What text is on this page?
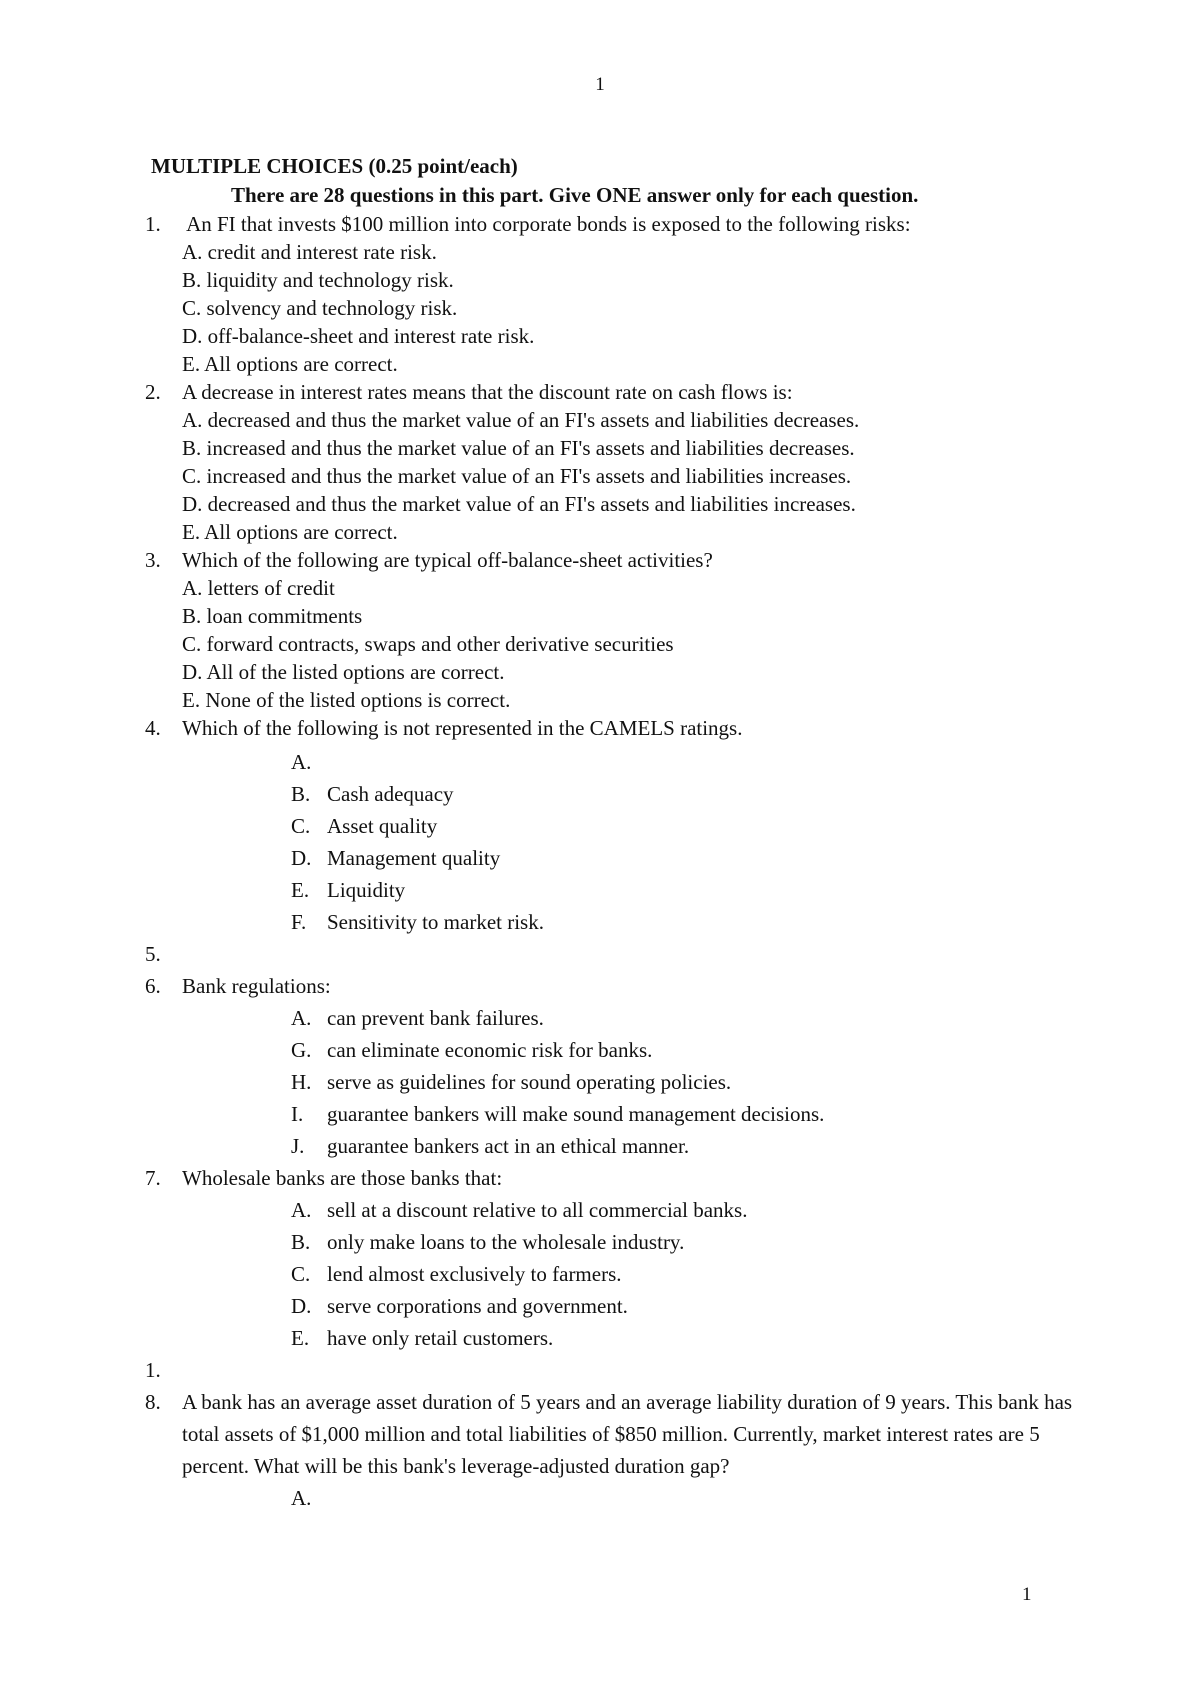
1
MULTIPLE CHOICES (0.25 point/each)
There are 28 questions in this part. Give ONE answer only for each question.
1.	An FI that invests $100 million into corporate bonds is exposed to the following risks:
A. credit and interest rate risk.
B. liquidity and technology risk.
C. solvency and technology risk.
D. off-balance-sheet and interest rate risk.
E. All options are correct.
2.	A decrease in interest rates means that the discount rate on cash flows is:
A. decreased and thus the market value of an FI's assets and liabilities decreases.
B. increased and thus the market value of an FI's assets and liabilities decreases.
C. increased and thus the market value of an FI's assets and liabilities increases.
D. decreased and thus the market value of an FI's assets and liabilities increases.
E. All options are correct.
3.	Which of the following are typical off-balance-sheet activities?
A. letters of credit
B. loan commitments
C. forward contracts, swaps and other derivative securities
D. All of the listed options are correct.
E. None of the listed options is correct.
4.	Which of the following is not represented in the CAMELS ratings.
A.
B. Cash adequacy
C. Asset quality
D. Management quality
E. Liquidity
F. Sensitivity to market risk.
5.
6.	Bank regulations:
A. can prevent bank failures.
G. can eliminate economic risk for banks.
H. serve as guidelines for sound operating policies.
I.	guarantee bankers will make sound management decisions.
J.	guarantee bankers act in an ethical manner.
7.	Wholesale banks are those banks that:
A. sell at a discount relative to all commercial banks.
B. only make loans to the wholesale industry.
C. lend almost exclusively to farmers.
D. serve corporations and government.
E. have only retail customers.
1.
8.	A bank has an average asset duration of 5 years and an average liability duration of 9 years. This bank has total assets of $1,000 million and total liabilities of $850 million. Currently, market interest rates are 5 percent. What will be this bank's leverage-adjusted duration gap?
A.
1
